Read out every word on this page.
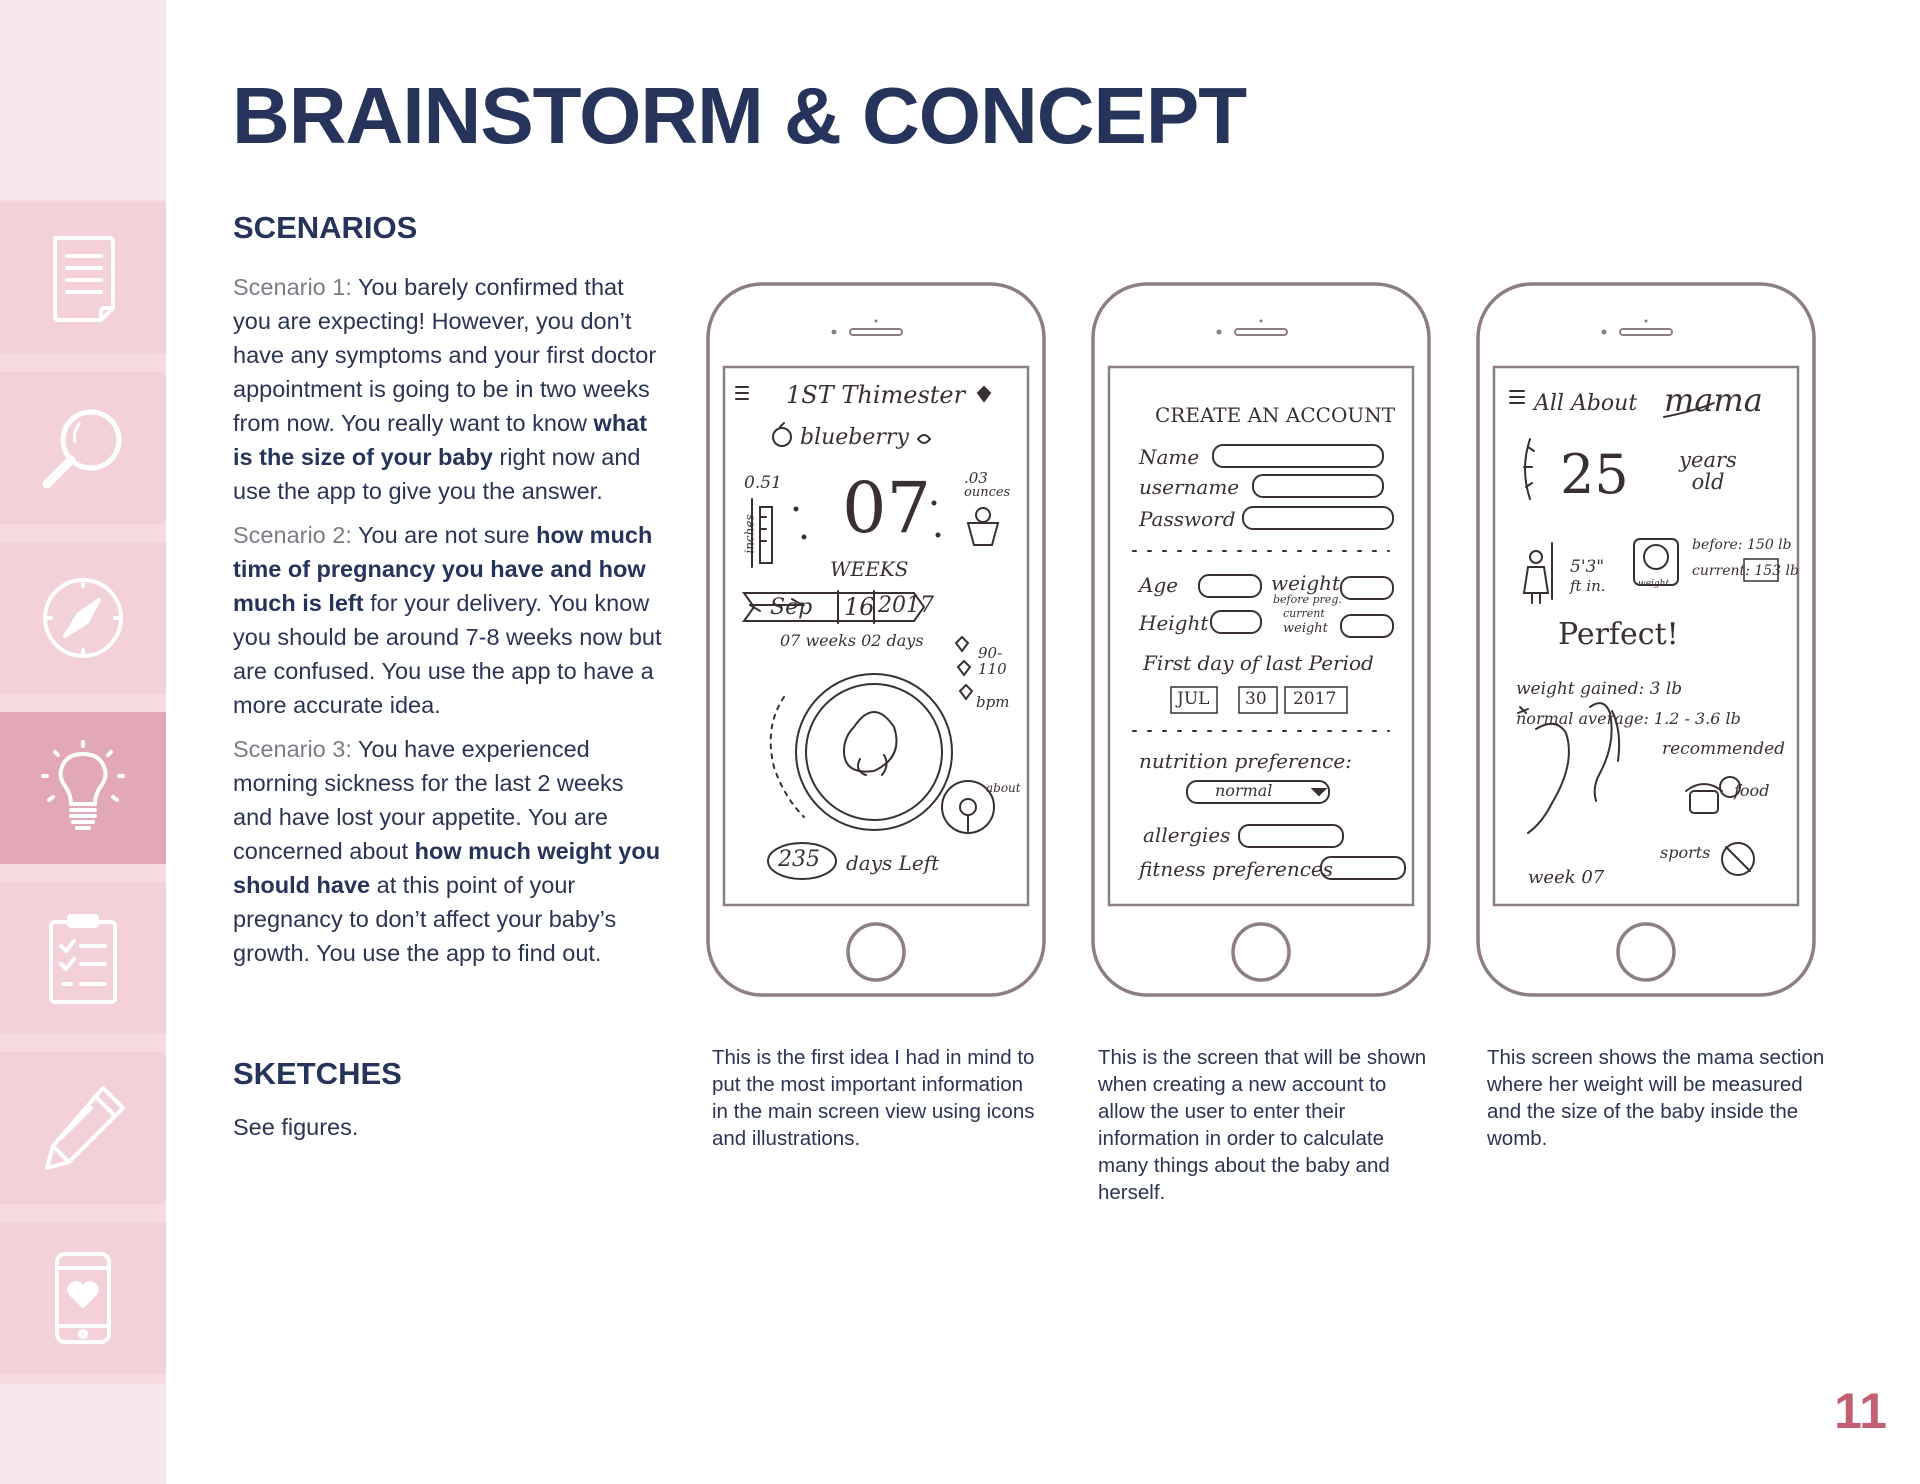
BRAINSTORM & CONCEPT
SCENARIOS

Scenario 1: You barely confirmed that you are expecting! However, you don’t have any symptoms and your first doctor appointment is going to be in two weeks from now. You really want to know what is the size of your baby right now and use the app to give you the answer.

Scenario 2: You are not sure how much time of pregnancy you have and how much is left for your delivery. You know you should be around 7-8 weeks now but are confused. You use the app to have a more accurate idea.

Scenario 3: You have experienced morning sickness for the last 2 weeks and have lost your appetite. You are concerned about how much weight you should have at this point of your pregnancy to don’t affect your baby’s growth. You use the app to find out.

SKETCHES

See figures.

1ST Thimester
blueberry
0.51
inches 07 .03
ounces
WEEKS
Sep 16 2017
07 weeks 02 days
90-110
bpm
about
235 days Left

This is the first idea I had in mind to put the most important information in the main screen view using icons and illustrations.

CREATE AN ACCOUNT
Name
username
Password
Age	weight
before preg.
current
weight
Height
First day of last Period
JUL 30 2017
nutrition preference:
normal
allergies
fitness preferences

This is the screen that will be shown when creating a new account to allow the user to enter their information in order to calculate many things about the baby and herself.

All About mama
25	years old
5'3"
ft in.	weight
before: 150 lb
current: 153 lb
Perfect!
weight gained: 3 lb
normal average: 1.2 - 3.6 lb
recommended
food
sports
week 07

This screen shows the mama section where her weight will be measured and the size of the baby inside the womb.

11
